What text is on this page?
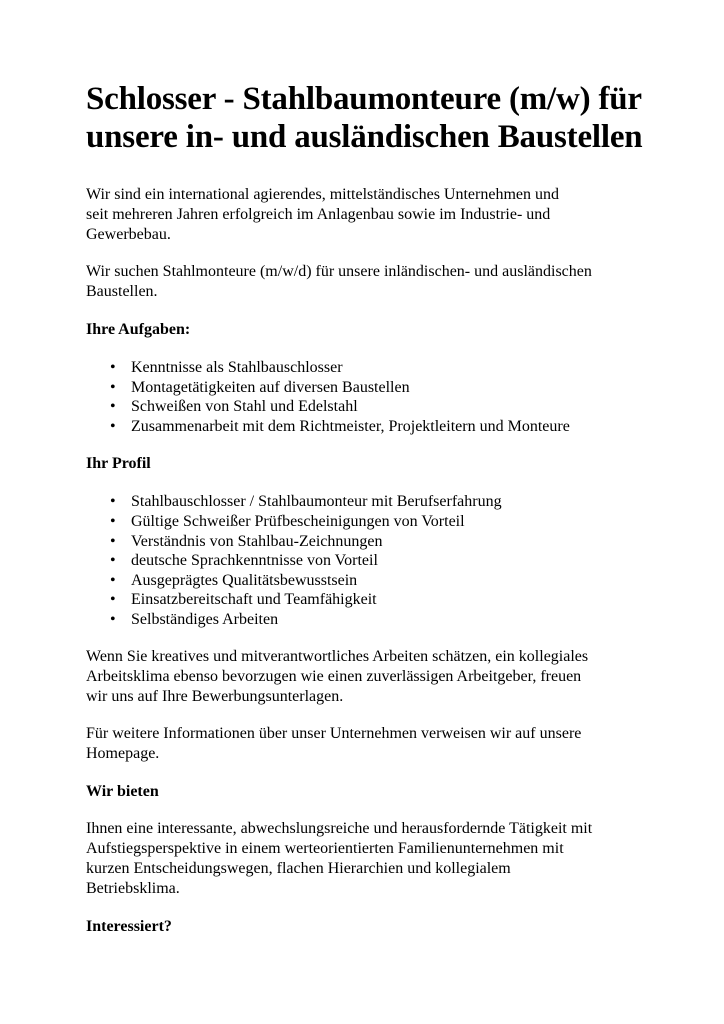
Schlosser - Stahlbaumonteure (m/w) für
unsere in- und ausländischen Baustellen

Wir sind ein international agierendes, mittelständisches Unternehmen und
seit mehreren Jahren erfolgreich im Anlagenbau sowie im Industrie- und
Gewerbebau.

Wir suchen Stahlmonteure (m/w/d) für unsere inländischen- und ausländischen
Baustellen.

Ihre Aufgaben:

• Kenntnisse als Stahlbauschlosser
• Montagetätigkeiten auf diversen Baustellen
• Schweißen von Stahl und Edelstahl
• Zusammenarbeit mit dem Richtmeister, Projektleitern und Monteure

Ihr Profil

• Stahlbauschlosser / Stahlbaumonteur mit Berufserfahrung
• Gültige Schweißer Prüfbescheinigungen von Vorteil
• Verständnis von Stahlbau-Zeichnungen
• deutsche Sprachkenntnisse von Vorteil
• Ausgeprägtes Qualitätsbewusstsein
• Einsatzbereitschaft und Teamfähigkeit
• Selbständiges Arbeiten

Wenn Sie kreatives und mitverantwortliches Arbeiten schätzen, ein kollegiales
Arbeitsklima ebenso bevorzugen wie einen zuverlässigen Arbeitgeber, freuen
wir uns auf Ihre Bewerbungsunterlagen.

Für weitere Informationen über unser Unternehmen verweisen wir auf unsere
Homepage.

Wir bieten

Ihnen eine interessante, abwechslungsreiche und herausfordernde Tätigkeit mit
Aufstiegsperspektive in einem werteorientierten Familienunternehmen mit
kurzen Entscheidungswegen, flachen Hierarchien und kollegialem
Betriebsklima.

Interessiert?
